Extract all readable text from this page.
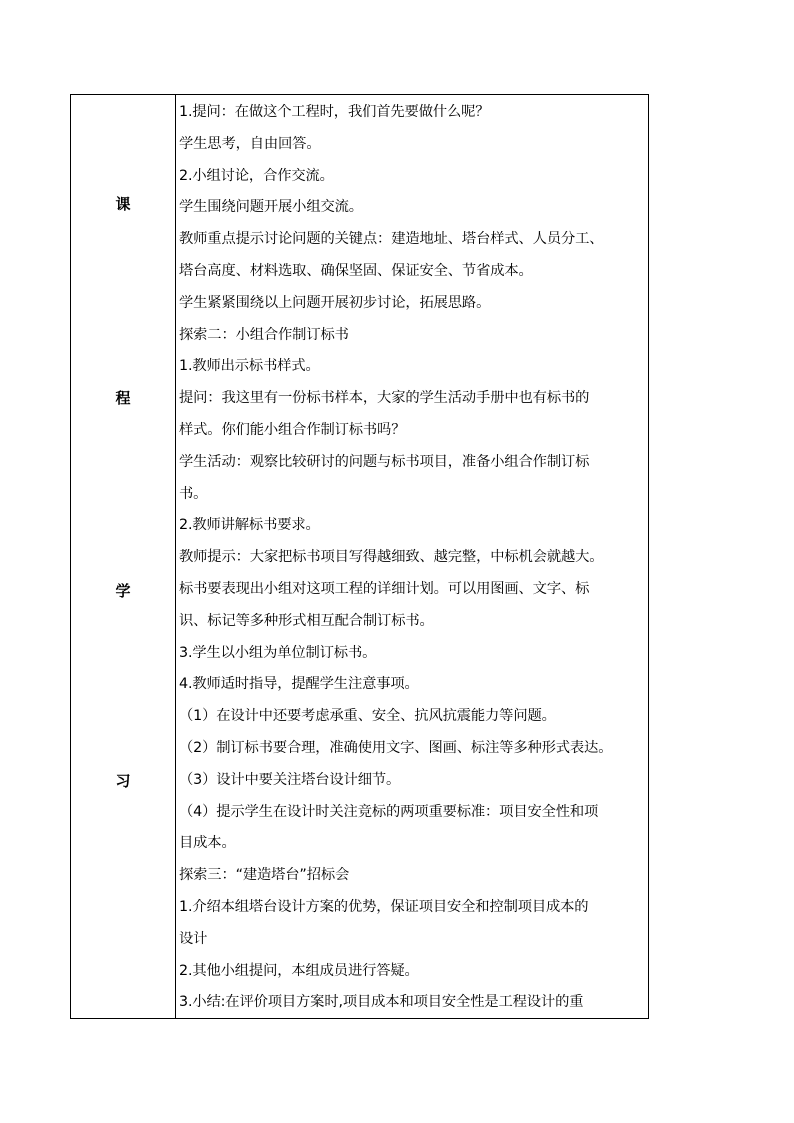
课
程
学
习
1.提问：在做这个工程时，我们首先要做什么呢？
学生思考，自由回答。
2.小组讨论，合作交流。
学生围绕问题开展小组交流。
教师重点提示讨论问题的关键点：建造地址、塔台样式、人员分工、
塔台高度、材料选取、确保坚固、保证安全、节省成本。
学生紧紧围绕以上问题开展初步讨论，拓展思路。
探索二：小组合作制订标书
1.教师出示标书样式。
提问：我这里有一份标书样本，大家的学生活动手册中也有标书的
样式。你们能小组合作制订标书吗？
学生活动：观察比较研讨的问题与标书项目，准备小组合作制订标
书。
2.教师讲解标书要求。
教师提示：大家把标书项目写得越细致、越完整，中标机会就越大。
标书要表现出小组对这项工程的详细计划。可以用图画、文字、标
识、标记等多种形式相互配合制订标书。
3.学生以小组为单位制订标书。
4.教师适时指导，提醒学生注意事项。
（1）在设计中还要考虑承重、安全、抗风抗震能力等问题。
（2）制订标书要合理，准确使用文字、图画、标注等多种形式表达。
（3）设计中要关注塔台设计细节。
（4）提示学生在设计时关注竞标的两项重要标准：项目安全性和项
目成本。
探索三：“建造塔台”招标会
1.介绍本组塔台设计方案的优势，保证项目安全和控制项目成本的
设计
2.其他小组提问，本组成员进行答疑。
3.小结:在评价项目方案时,项目成本和项目安全性是工程设计的重
